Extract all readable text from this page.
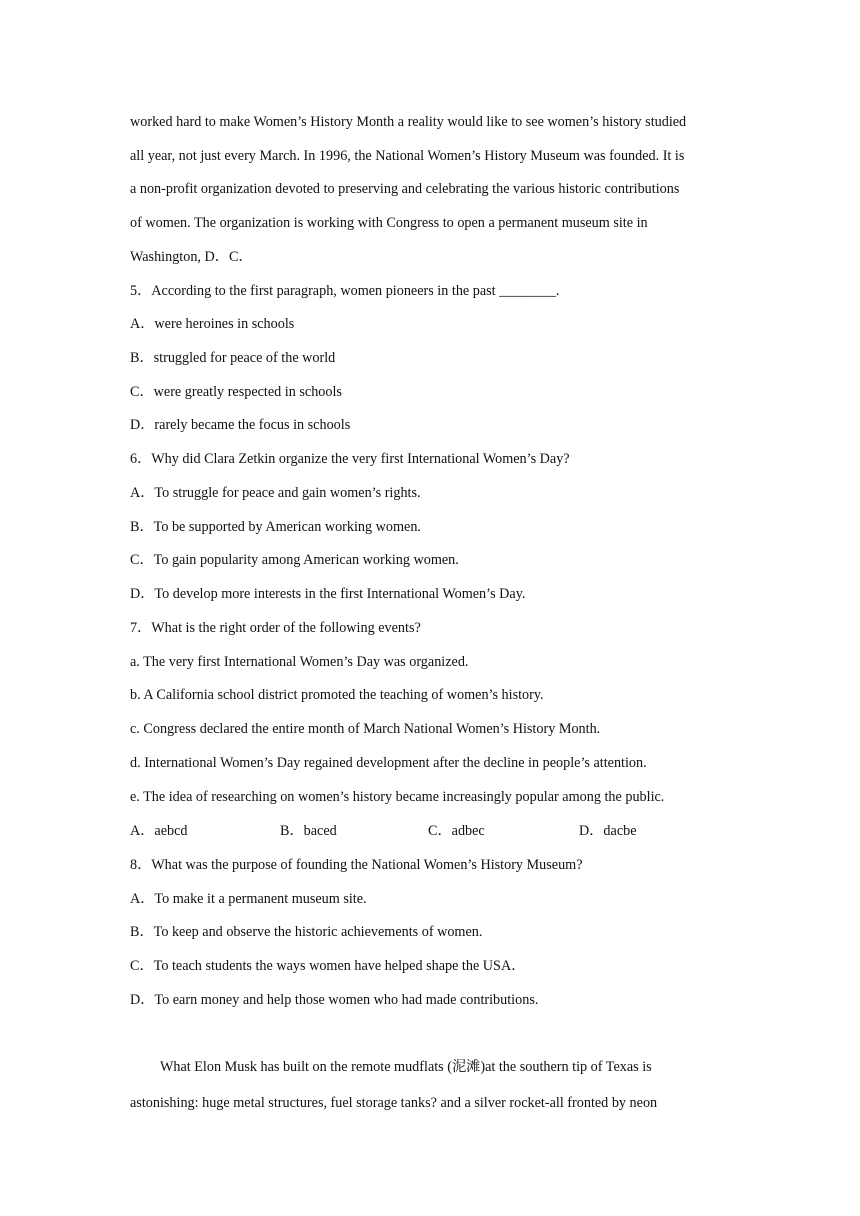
worked hard to make Women’s History Month a reality would like to see women’s history studied
all year, not just every March. In 1996, the National Women’s History Museum was founded. It is
a non-profit organization devoted to preserving and celebrating the various historic contributions
of women. The organization is working with Congress to open a permanent museum site in
Washington, D．C．
5．According to the first paragraph, women pioneers in the past ________.
A．were heroines in schools
B．struggled for peace of the world
C．were greatly respected in schools
D．rarely became the focus in schools
6．Why did Clara Zetkin organize the very first International Women’s Day?
A．To struggle for peace and gain women’s rights.
B．To be supported by American working women.
C．To gain popularity among American working women.
D．To develop more interests in the first International Women’s Day.
7．What is the right order of the following events?
a. The very first International Women’s Day was organized.
b. A California school district promoted the teaching of women’s history.
c. Congress declared the entire month of March National Women’s History Month.
d. International Women’s Day regained development after the decline in people’s attention.
e. The idea of researching on women’s history became increasingly popular among the public.
A．aebcd	B．baced	C．adbec	D．dacbe
8．What was the purpose of founding the National Women’s History Museum?
A．To make it a permanent museum site.
B．To keep and observe the historic achievements of women.
C．To teach students the ways women have helped shape the USA．
D．To earn money and help those women who had made contributions.
What Elon Musk has built on the remote mudflats (泥滩)at the southern tip of Texas is
astonishing: huge metal structures, fuel storage tanks? and a silver rocket-all fronted by neon
